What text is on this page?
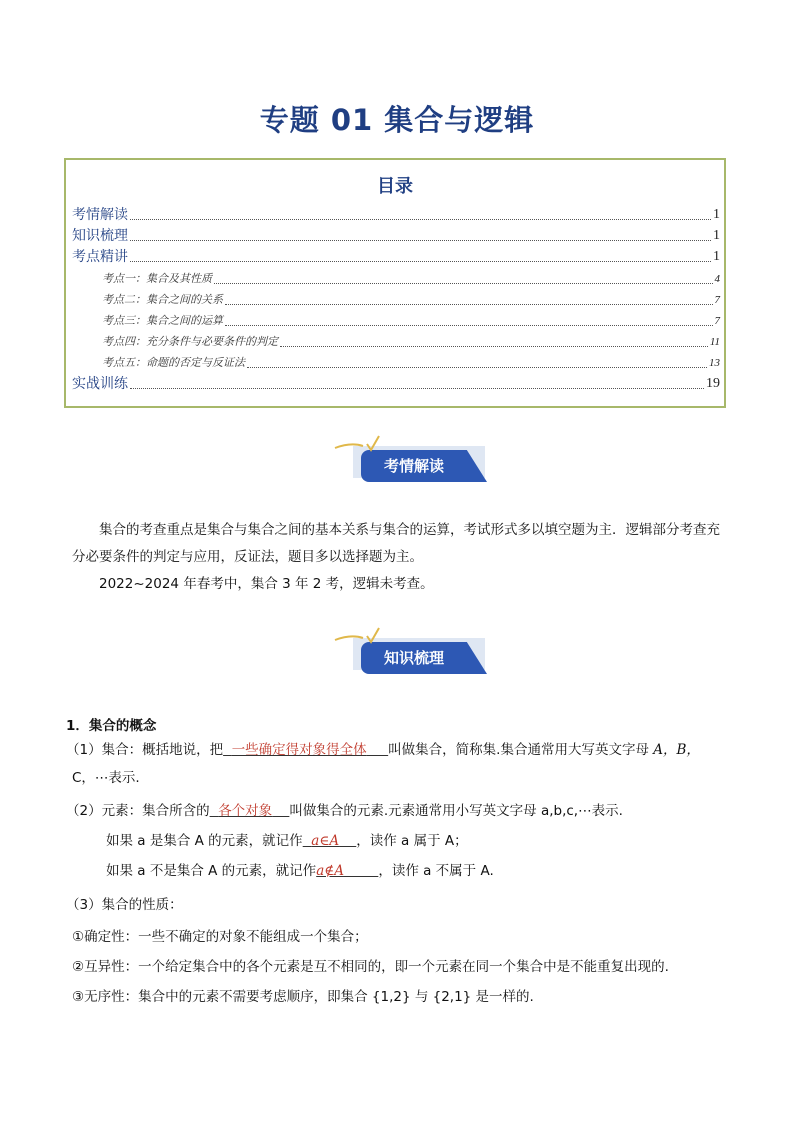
专题 01 集合与逻辑
目录
考情解读	1
知识梳理	1
考点精讲	1
考点一：集合及其性质	4
考点二：集合之间的关系	7
考点三：集合之间的运算	7
考点四：充分条件与必要条件的判定	11
考点五：命题的否定与反证法	13
实战训练	19
考情解读
集合的考查重点是集合与集合之间的基本关系与集合的运算，考试形式多以填空题为主．逻辑部分考查充分必要条件的判定与应用，反证法，题目多以选择题为主。
2022~2024 年春考中，集合 3 年 2 考，逻辑未考查。
知识梳理
1．集合的概念
（1）集合：概括地说，把 一些确定得对象得全体 叫做集合，简称集.集合通常用大写英文字母 A，B，
C，⋯表示.
（2）元素：集合所含的 各个对象 叫做集合的元素.元素通常用小写英文字母 a,b,c,⋯表示.
如果 a 是集合 A 的元素，就记作 a∈A ，读作 a 属于 A；
如果 a 不是集合 A 的元素，就记作a∉A	，读作 a 不属于 A.
（3）集合的性质：
①确定性：一些不确定的对象不能组成一个集合；
②互异性：一个给定集合中的各个元素是互不相同的，即一个元素在同一个集合中是不能重复出现的.
③无序性：集合中的元素不需要考虑顺序，即集合 {1,2} 与 {2,1} 是一样的.
